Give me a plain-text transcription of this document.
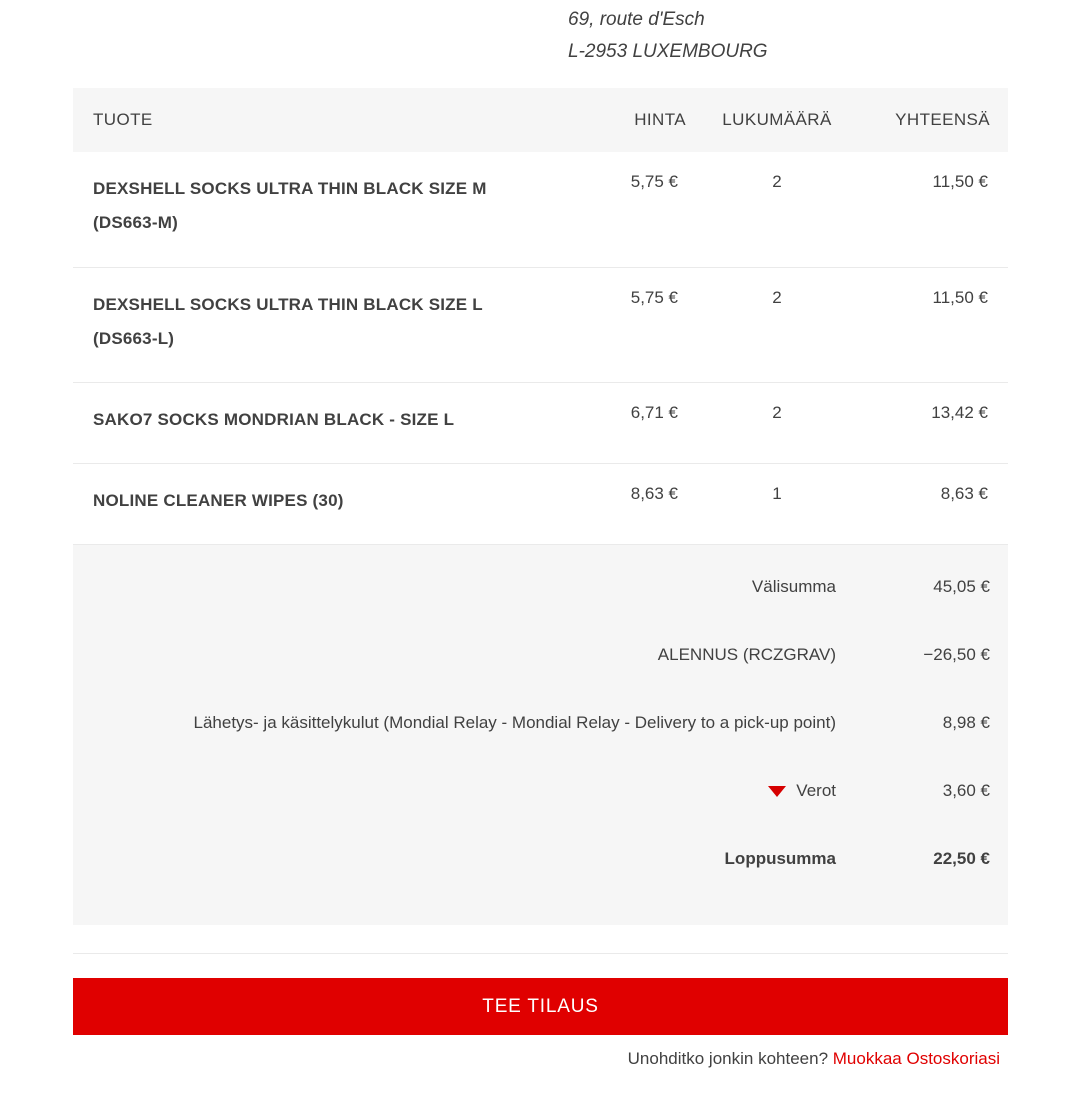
69, route d'Esch
L-2953 LUXEMBOURG
TUOTE	HINTA	LUKUMÄÄRÄ	YHTEENSÄ
DEXSHELL SOCKS ULTRA THIN BLACK SIZE M (DS663-M)	5,75 €	2	11,50 €
DEXSHELL SOCKS ULTRA THIN BLACK SIZE L (DS663-L)	5,75 €	2	11,50 €
SAKO7 SOCKS MONDRIAN BLACK - SIZE L	6,71 €	2	13,42 €
NOLINE CLEANER WIPES (30)	8,63 €	1	8,63 €
Välisumma	45,05 €
ALENNUS (RCZGRAV)	−26,50 €
Lähetys- ja käsittelykulut (Mondial Relay - Mondial Relay - Delivery to a pick-up point)	8,98 €
Verot	3,60 €
Loppusumma	22,50 €
TEE TILAUS
Unohditko jonkin kohteen? Muokkaa Ostoskoriasi
